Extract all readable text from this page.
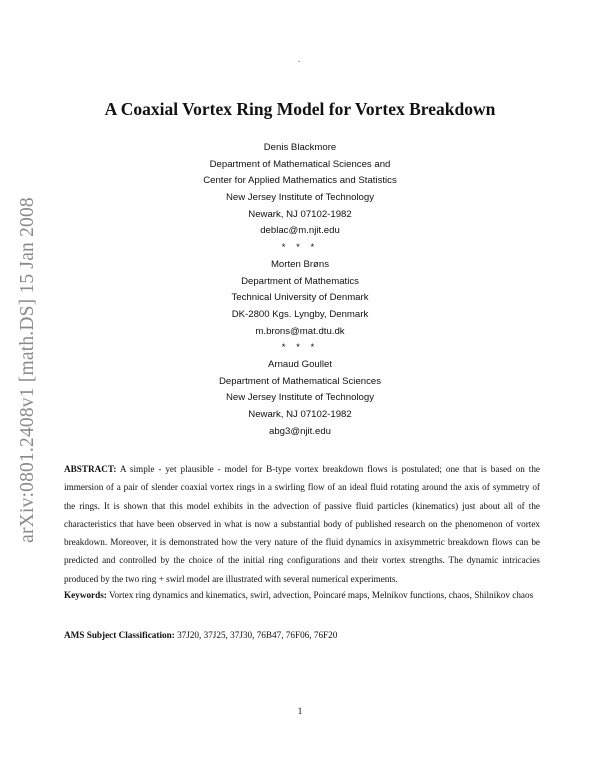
.
arXiv:0801.2408v1 [math.DS] 15 Jan 2008
A Coaxial Vortex Ring Model for Vortex Breakdown
Denis Blackmore
Department of Mathematical Sciences and
Center for Applied Mathematics and Statistics
New Jersey Institute of Technology
Newark, NJ 07102-1982
deblac@m.njit.edu
* * *
Morten Brøns
Department of Mathematics
Technical University of Denmark
DK-2800 Kgs. Lyngby, Denmark
m.brons@mat.dtu.dk
* * *
Arnaud Goullet
Department of Mathematical Sciences
New Jersey Institute of Technology
Newark, NJ 07102-1982
abg3@njit.edu
ABSTRACT: A simple - yet plausible - model for B-type vortex breakdown flows is postulated; one that is based on the immersion of a pair of slender coaxial vortex rings in a swirling flow of an ideal fluid rotating around the axis of symmetry of the rings. It is shown that this model exhibits in the advection of passive fluid particles (kinematics) just about all of the characteristics that have been observed in what is now a substantial body of published research on the phenomenon of vortex breakdown. Moreover, it is demonstrated how the very nature of the fluid dynamics in axisymmetric breakdown flows can be predicted and controlled by the choice of the initial ring configurations and their vortex strengths. The dynamic intricacies produced by the two ring + swirl model are illustrated with several numerical experiments.
Keywords: Vortex ring dynamics and kinematics, swirl, advection, Poincaré maps, Melnikov functions, chaos, Shilnikov chaos
AMS Subject Classification: 37J20, 37J25, 37J30, 76B47, 76F06, 76F20
1
